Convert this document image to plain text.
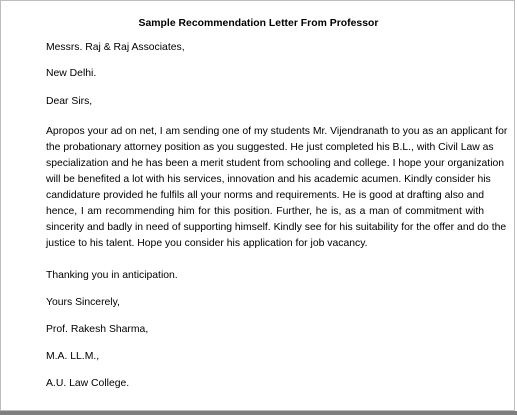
Sample Recommendation Letter From Professor
Messrs. Raj & Raj Associates,
New Delhi.
Dear Sirs,
Apropos your ad on net, I am sending one of my students Mr. Vijendranath to you as an applicant for
the probationary attorney position as you suggested. He just completed his B.L., with Civil Law as
specialization and he has been a merit student from schooling and college. I hope your organization
will be benefited a lot with his services, innovation and his academic acumen. Kindly consider his
candidature provided he fulfils all your norms and requirements. He is good at drafting also and
hence, I am recommending him for this position. Further, he is, as a man of commitment with
sincerity and badly in need of supporting himself. Kindly see for his suitability for the offer and do the
justice to his talent. Hope you consider his application for job vacancy.
Thanking you in anticipation.
Yours Sincerely,
Prof. Rakesh Sharma,
M.A. LL.M.,
A.U. Law College.
